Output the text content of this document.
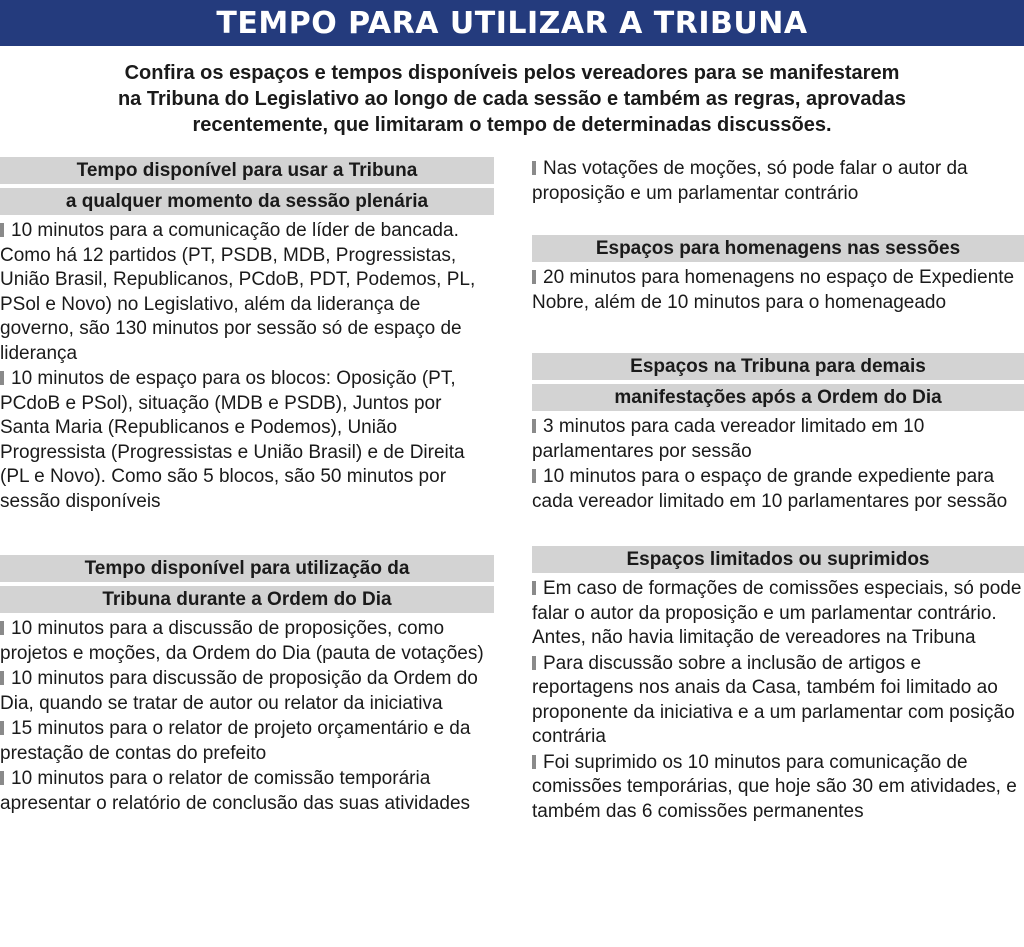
TEMPO PARA UTILIZAR A TRIBUNA
Confira os espaços e tempos disponíveis pelos vereadores para se manifestarem
na Tribuna do Legislativo ao longo de cada sessão e também as regras, aprovadas
recentemente, que limitaram o tempo de determinadas discussões.
Tempo disponível para usar a Tribuna
a qualquer momento da sessão plenária
10 minutos para a comunicação de líder de bancada. Como há 12 partidos (PT, PSDB, MDB, Progressistas, União Brasil, Republicanos, PCdoB, PDT, Podemos, PL, PSol e Novo) no Legislativo, além da liderança de governo, são 130 minutos por sessão só de espaço de liderança
10 minutos de espaço para os blocos: Oposição (PT, PCdoB e PSol), situação (MDB e PSDB), Juntos por Santa Maria (Republicanos e Podemos), União Progressista (Progressistas e União Brasil) e de Direita (PL e Novo). Como são 5 blocos, são 50 minutos por sessão disponíveis
Tempo disponível para utilização da
Tribuna durante a Ordem do Dia
10 minutos para a discussão de proposições, como projetos e moções, da Ordem do Dia (pauta de votações)
10 minutos para discussão de proposição da Ordem do Dia, quando se tratar de autor ou relator da iniciativa
15 minutos para o relator de projeto orçamentário e da prestação de contas do prefeito
10 minutos para o relator de comissão temporária apresentar o relatório de conclusão das suas atividades
Nas votações de moções, só pode falar o autor da proposição e um parlamentar contrário
Espaços para homenagens nas sessões
20 minutos para homenagens no espaço de Expediente Nobre, além de 10 minutos para o homenageado
Espaços na Tribuna para demais
manifestações após a Ordem do Dia
3 minutos para cada vereador limitado em 10 parlamentares por sessão
10 minutos para o espaço de grande expediente para cada vereador limitado em 10 parlamentares por sessão
Espaços limitados ou suprimidos
Em caso de formações de comissões especiais, só pode falar o autor da proposição e um parlamentar contrário. Antes, não havia limitação de vereadores na Tribuna
Para discussão sobre a inclusão de artigos e reportagens nos anais da Casa, também foi limitado ao proponente da iniciativa e a um parlamentar com posição contrária
Foi suprimido os 10 minutos para comunicação de comissões temporárias, que hoje são 30 em atividades, e também das 6 comissões permanentes
